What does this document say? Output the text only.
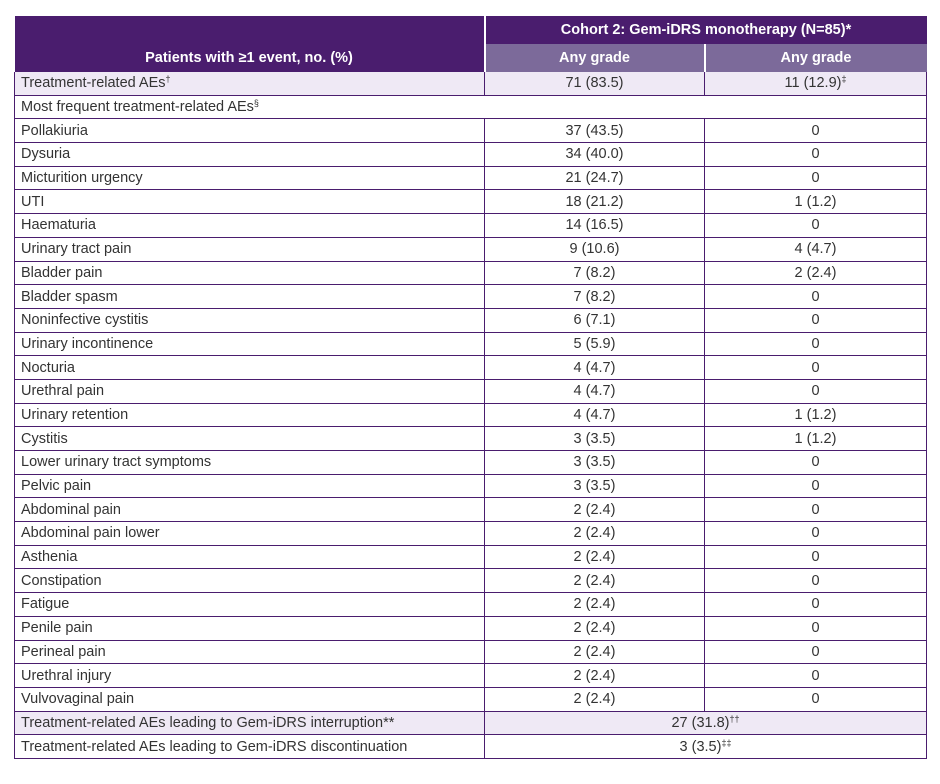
Patients with ≥1 event, no. (%)	Cohort 2: Gem-iDRS monotherapy (N=85)*	
	Any grade	Any grade
Treatment-related AEs†	71 (83.5)	11 (12.9)‡
Most frequent treatment-related AEs§
Pollakiuria	37 (43.5)	0
Dysuria	34 (40.0)	0
Micturition urgency	21 (24.7)	0
UTI	18 (21.2)	1 (1.2)
Haematuria	14 (16.5)	0
Urinary tract pain	9 (10.6)	4 (4.7)
Bladder pain	7 (8.2)	2 (2.4)
Bladder spasm	7 (8.2)	0
Noninfective cystitis	6 (7.1)	0
Urinary incontinence	5 (5.9)	0
Nocturia	4 (4.7)	0
Urethral pain	4 (4.7)	0
Urinary retention	4 (4.7)	1 (1.2)
Cystitis	3 (3.5)	1 (1.2)
Lower urinary tract symptoms	3 (3.5)	0
Pelvic pain	3 (3.5)	0
Abdominal pain	2 (2.4)	0
Abdominal pain lower	2 (2.4)	0
Asthenia	2 (2.4)	0
Constipation	2 (2.4)	0
Fatigue	2 (2.4)	0
Penile pain	2 (2.4)	0
Perineal pain	2 (2.4)	0
Urethral injury	2 (2.4)	0
Vulvovaginal pain	2 (2.4)	0
Treatment-related AEs leading to Gem-iDRS interruption**	27 (31.8)††
Treatment-related AEs leading to Gem-iDRS discontinuation	3 (3.5)‡‡
